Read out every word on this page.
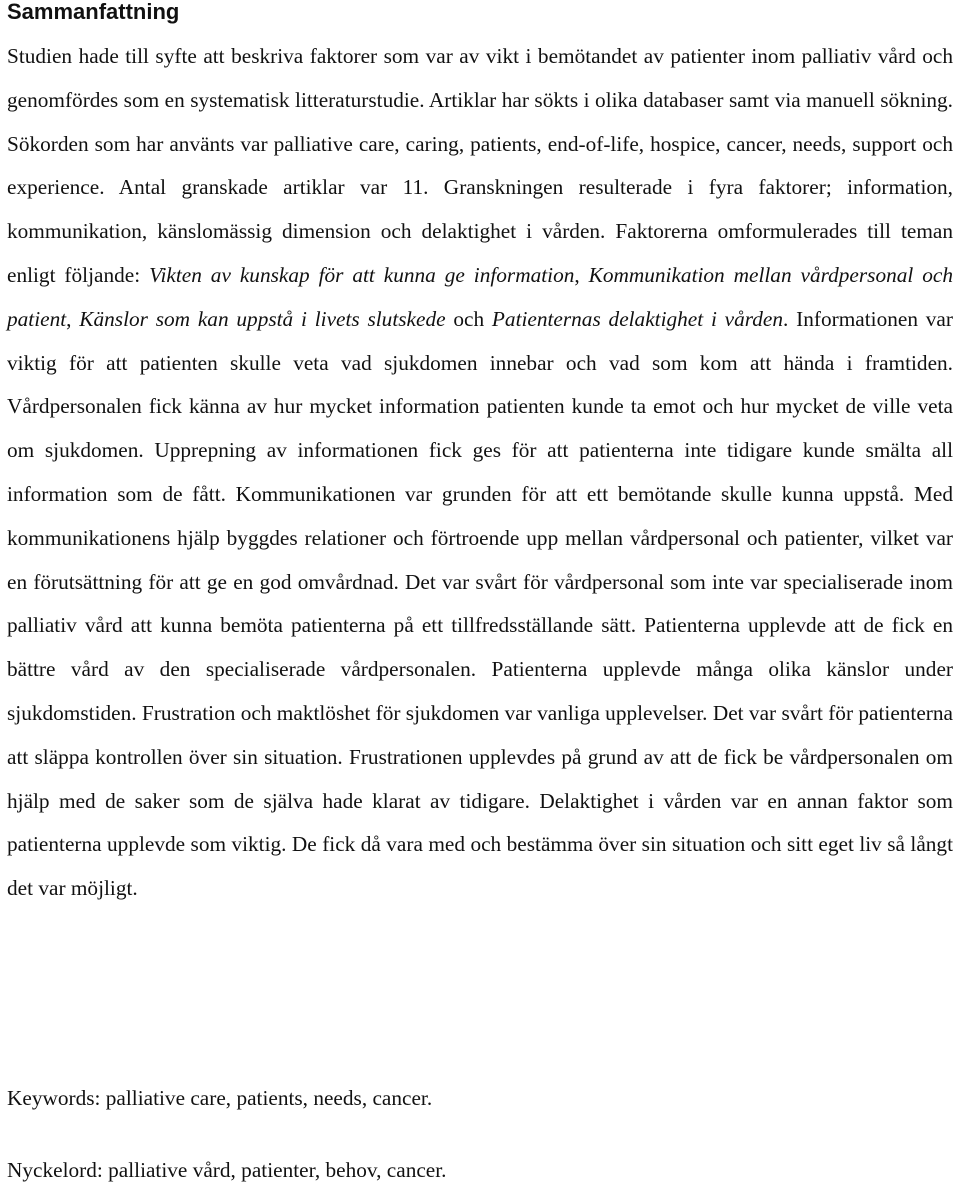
Sammanfattning

Studien hade till syfte att beskriva faktorer som var av vikt i bemötandet av patienter inom palliativ vård och genomfördes som en systematisk litteraturstudie. Artiklar har sökts i olika databaser samt via manuell sökning. Sökorden som har använts var palliative care, caring, patients, end-of-life, hospice, cancer, needs, support och experience. Antal granskade artiklar var 11. Granskningen resulterade i fyra faktorer; information, kommunikation, känslomässig dimension och delaktighet i vården. Faktorerna omformulerades till teman enligt följande: Vikten av kunskap för att kunna ge information, Kommunikation mellan vårdpersonal och patient, Känslor som kan uppstå i livets slutskede och Patienternas delaktighet i vården. Informationen var viktig för att patienten skulle veta vad sjukdomen innebar och vad som kom att hända i framtiden. Vårdpersonalen fick känna av hur mycket information patienten kunde ta emot och hur mycket de ville veta om sjukdomen. Upprepning av informationen fick ges för att patienterna inte tidigare kunde smälta all information som de fått. Kommunikationen var grunden för att ett bemötande skulle kunna uppstå. Med kommunikationens hjälp byggdes relationer och förtroende upp mellan vårdpersonal och patienter, vilket var en förutsättning för att ge en god omvårdnad. Det var svårt för vårdpersonal som inte var specialiserade inom palliativ vård att kunna bemöta patienterna på ett tillfredsställande sätt. Patienterna upplevde att de fick en bättre vård av den specialiserade vårdpersonalen. Patienterna upplevde många olika känslor under sjukdomstiden. Frustration och maktlöshet för sjukdomen var vanliga upplevelser. Det var svårt för patienterna att släppa kontrollen över sin situation. Frustrationen upplevdes på grund av att de fick be vårdpersonalen om hjälp med de saker som de själva hade klarat av tidigare. Delaktighet i vården var en annan faktor som patienterna upplevde som viktig. De fick då vara med och bestämma över sin situation och sitt eget liv så långt det var möjligt.

Keywords: palliative care, patients, needs, cancer.

Nyckelord: palliative vård, patienter, behov, cancer.
